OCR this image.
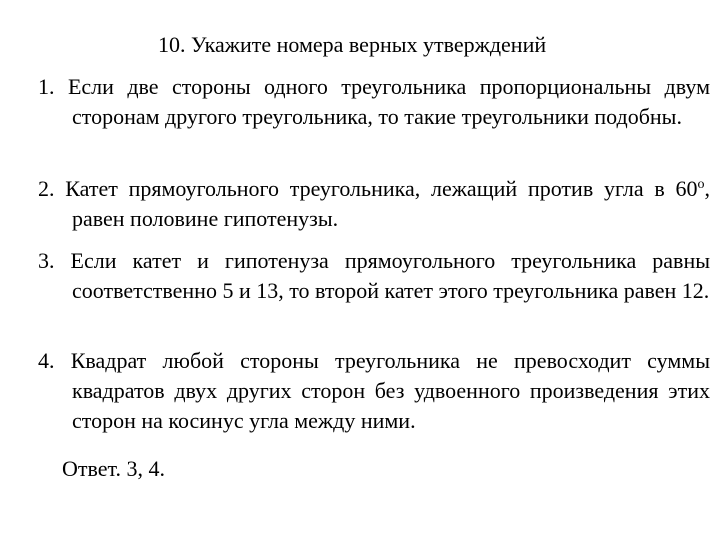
10. Укажите номера верных утверждений
1. Если две стороны одного треугольника пропорциональны двум сторонам другого треугольника, то такие треугольники подобны.
2. Катет прямоугольного треугольника, лежащий против угла в $60^о$, равен половине гипотенузы.
3. Если катет и гипотенуза прямоугольного треугольника равны соответственно 5 и 13, то второй катет этого треугольника равен 12.
4. Квадрат любой стороны треугольника не превосходит суммы квадратов двух других сторон без удвоенного произведения этих сторон на косинус угла между ними.
Ответ. 3, 4.
